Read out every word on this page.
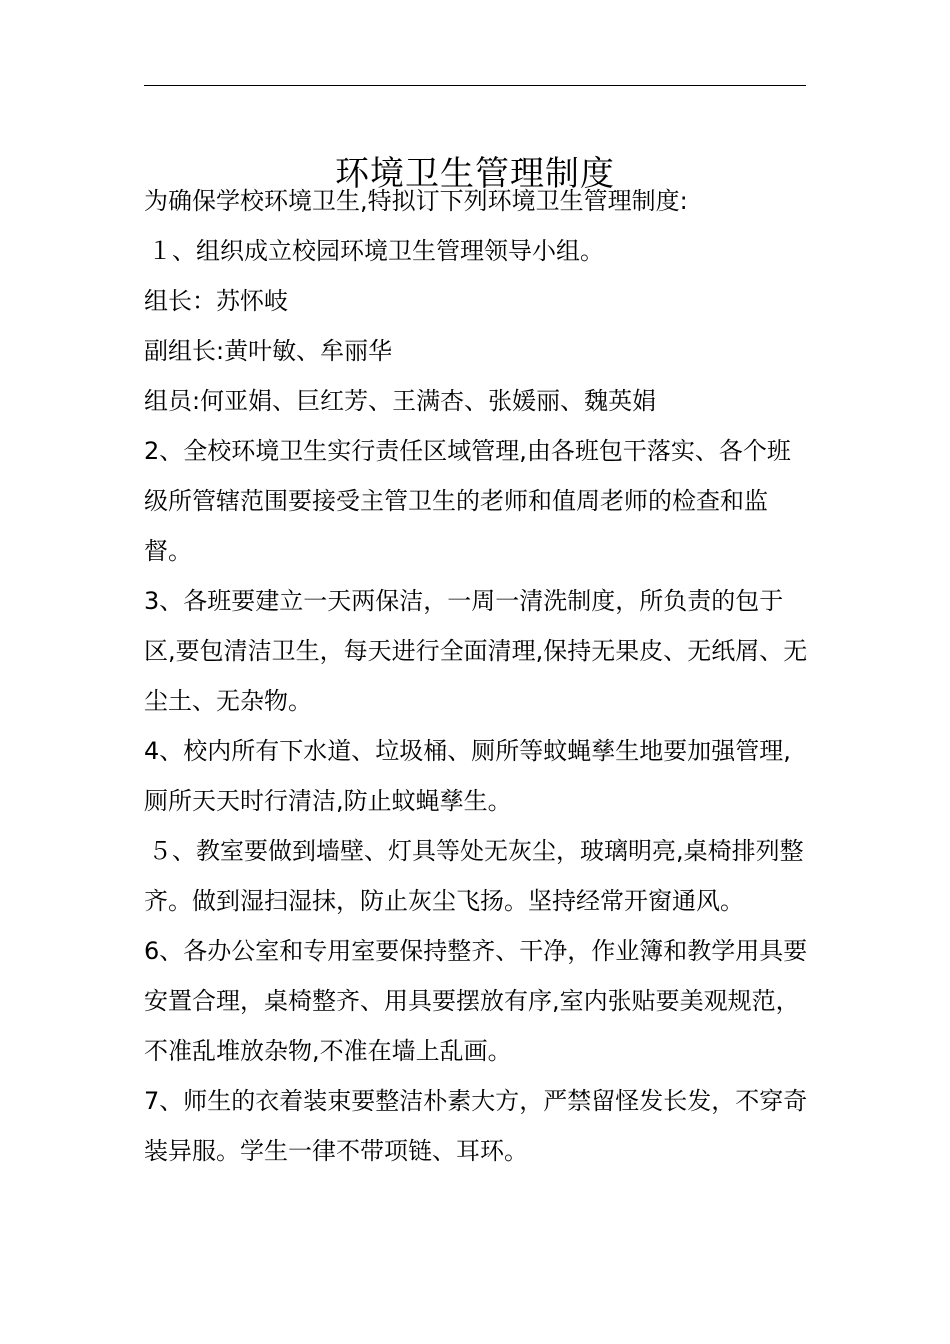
环境卫生管理制度

为确保学校环境卫生,特拟订下列环境卫生管理制度:

１、组织成立校园环境卫生管理领导小组。

组长：苏怀岐

副组长:黄叶敏、牟丽华

组员:何亚娟、巨红芳、王满杏、张媛丽、魏英娟

2、全校环境卫生实行责任区域管理,由各班包干落实、各个班级所管辖范围要接受主管卫生的老师和值周老师的检查和监督。

3、各班要建立一天两保洁，一周一清洗制度，所负责的包于区,要包清洁卫生，每天进行全面清理,保持无果皮、无纸屑、无尘土、无杂物。

4、校内所有下水道、垃圾桶、厕所等蚊蝇孳生地要加强管理,厕所天天时行清洁,防止蚊蝇孳生。

５、教室要做到墙壁、灯具等处无灰尘，玻璃明亮,桌椅排列整齐。做到湿扫湿抹，防止灰尘飞扬。坚持经常开窗通风。

6、各办公室和专用室要保持整齐、干净，作业簿和教学用具要安置合理，桌椅整齐、用具要摆放有序,室内张贴要美观规范，不准乱堆放杂物,不准在墙上乱画。

7、师生的衣着装束要整洁朴素大方，严禁留怪发长发，不穿奇装异服。学生一律不带项链、耳环。
